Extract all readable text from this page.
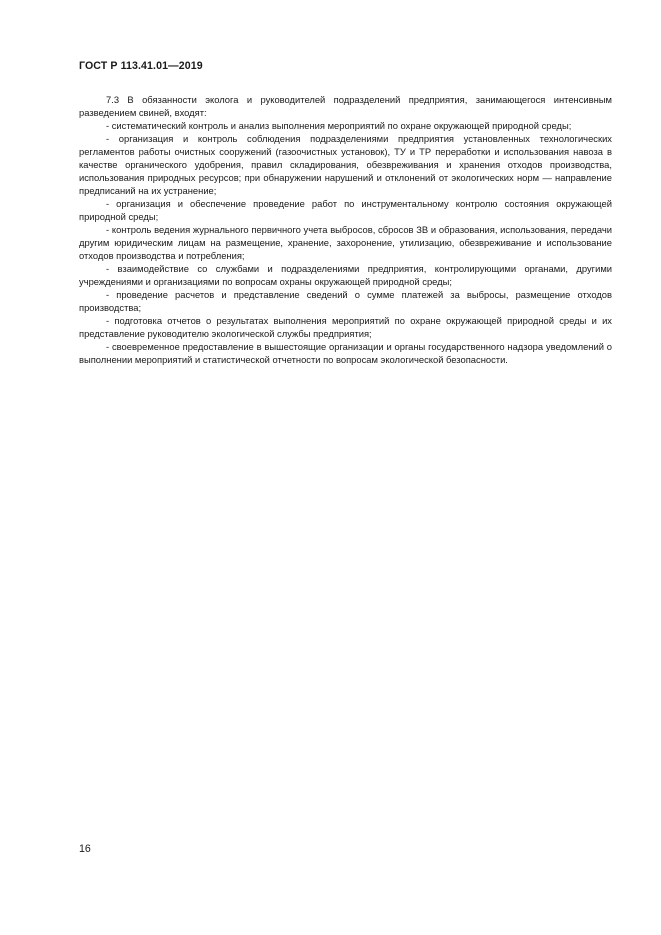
ГОСТ Р 113.41.01—2019

7.3 В обязанности эколога и руководителей подразделений предприятия, занимающегося интенсивным разведением свиней, входят:

- систематический контроль и анализ выполнения мероприятий по охране окружающей природной среды;

- организация и контроль соблюдения подразделениями предприятия установленных технологических регламентов работы очистных сооружений (газоочистных установок), ТУ и ТР переработки и использования навоза в качестве органического удобрения, правил складирования, обезвреживания и хранения отходов производства, использования природных ресурсов; при обнаружении нарушений и отклонений от экологических норм — направление предписаний на их устранение;

- организация и обеспечение проведение работ по инструментальному контролю состояния окружающей природной среды;

- контроль ведения журнального первичного учета выбросов, сбросов ЗВ и образования, использования, передачи другим юридическим лицам на размещение, хранение, захоронение, утилизацию, обезвреживание и использование отходов производства и потребления;

- взаимодействие со службами и подразделениями предприятия, контролирующими органами, другими учреждениями и организациями по вопросам охраны окружающей природной среды;

- проведение расчетов и представление сведений о сумме платежей за выбросы, размещение отходов производства;

- подготовка отчетов о результатах выполнения мероприятий по охране окружающей природной среды и их представление руководителю экологической службы предприятия;

- своевременное предоставление в вышестоящие организации и органы государственного надзора уведомлений о выполнении мероприятий и статистической отчетности по вопросам экологической безопасности.

16
